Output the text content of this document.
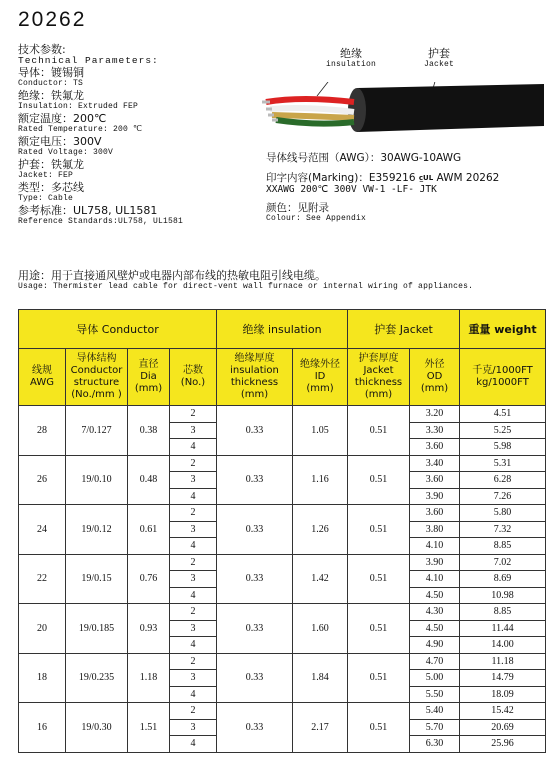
20262
技术参数:
Technical Parameters:
导体：镀锡铜
Conductor: TS
绝缘：铁氟龙
Insulation: Extruded FEP
额定温度：200℃
Rated Temperature: 200 ℃
额定电压：300V
Rated Voltage: 300V
护套：铁氟龙
Jacket: FEP
类型：多芯线
Type: Cable
参考标准：UL758, UL1581
Reference Standards:UL758, UL1581
绝缘
insulation
护套
Jacket
导体线号范围（AWG）：30AWG-10AWG
印字内容(Marking)：E359216 c̲UL AWM 20262
XXAWG 200℃ 300V VW-1 -LF- JTK
颜色：见附录
Colour: See Appendix
用途：用于直接通风壁炉或电器内部布线的热敏电阻引线电缆。
Usage: Thermister lead cable for direct-vent wall furnace or internal wiring of appliances.
导体 Conductor				绝缘 insulation		护套 Jacket		重量 weight
线规
AWG	导体结构
Conductor
structure
(No./mm )	直径
Dia
(mm)	芯数
(No.)	绝缘厚度
insulation
thickness
(mm)	绝缘外径
ID
(mm)	护套厚度
Jacket
thickness
(mm)	外径
OD
(mm)	千克/1000FT
kg/1000FT
28	7/0.127	0.38	2	0.33	1.05	0.51	3.20	4.51
			3				3.30	5.25
			4				3.60	5.98
26	19/0.10	0.48	2	0.33	1.16	0.51	3.40	5.31
			3				3.60	6.28
			4				3.90	7.26
24	19/0.12	0.61	2	0.33	1.26	0.51	3.60	5.80
			3				3.80	7.32
			4				4.10	8.85
22	19/0.15	0.76	2	0.33	1.42	0.51	3.90	7.02
			3				4.10	8.69
			4				4.50	10.98
20	19/0.185	0.93	2	0.33	1.60	0.51	4.30	8.85
			3				4.50	11.44
			4				4.90	14.00
18	19/0.235	1.18	2	0.33	1.84	0.51	4.70	11.18
			3				5.00	14.79
			4				5.50	18.09
16	19/0.30	1.51	2	0.33	2.17	0.51	5.40	15.42
			3				5.70	20.69
			4				6.30	25.96
